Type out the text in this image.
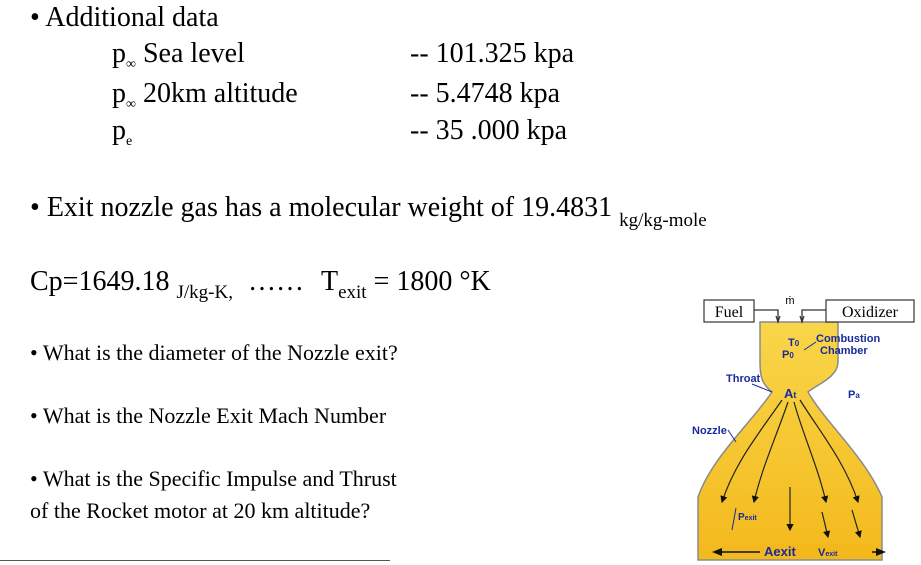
• Additional data
$p_\infty$ Sea level	-- 101.325 kpa
$p_\infty$ 20km altitude	-- 5.4748 kpa
$p_e$	-- 35 .000 kpa
• Exit nozzle gas has a molecular weight of 19.4831 $_{kg/kg-mole}$
Cp=1649.18 $_{J/kg-K,}$ …… $T_{exit} = 1800$ °K
• What is the diameter of the Nozzle exit?
• What is the Nozzle Exit Mach Number
• What is the Specific Impulse and Thrust
of the Rocket motor at 20 km altitude?
Fuel	Oxidizer
ṁ
T0
P0
Combustion
Chamber
Throat
At	Pa
Nozzle
Pexit
Aexit Vexit
